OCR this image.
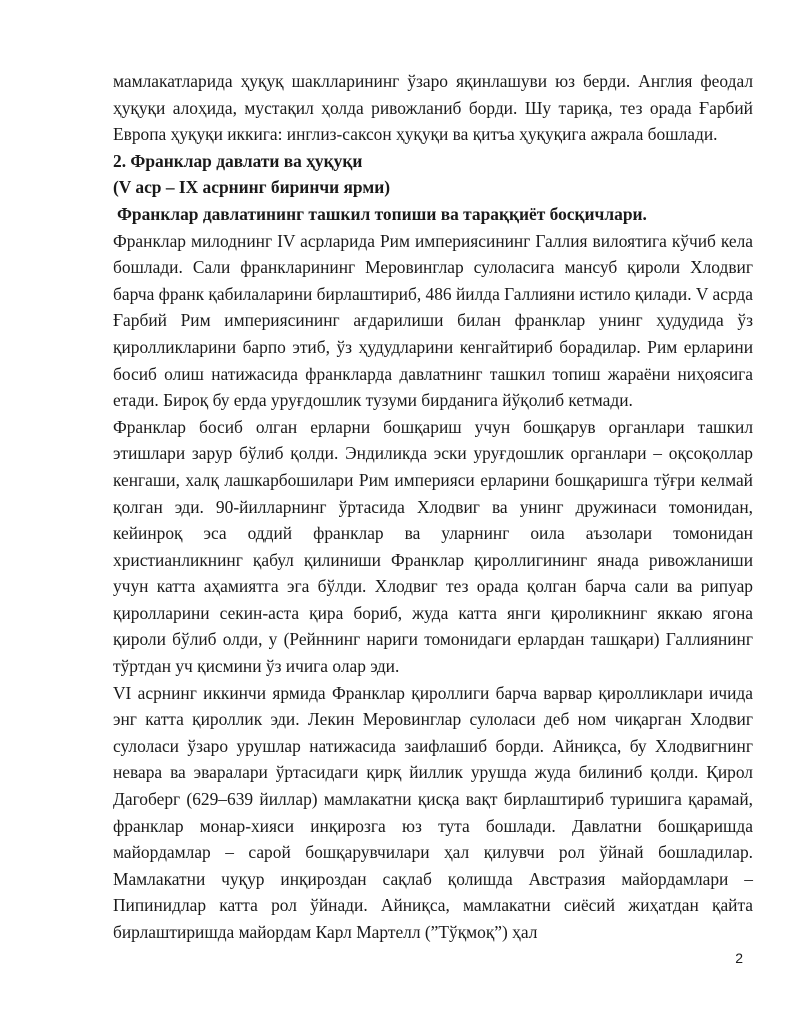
мамлакатларида ҳуқуқ шаклларининг ўзаро яқинлашуви юз берди. Англия феодал ҳуқуқи алоҳида, мустақил ҳолда ривожланиб борди. Шу тариқа, тез орада Ғарбий Европа ҳуқуқи иккига: инглиз-саксон ҳуқуқи ва қитъа ҳуқуқига ажрала бошлади.

2. Франклар давлати ва ҳуқуқи
(V аср – IX асрнинг биринчи ярми)
Франклар давлатининг ташкил топиши ва тараққиёт босқичлари.

Франклар милоднинг IV асрларида Рим империясининг Галлия вилоятига кўчиб кела бошлади. Сали франкларининг Меровинглар сулоласига мансуб қироли Хлодвиг барча франк қабилаларини бирлаштириб, 486 йилда Галлияни истило қилади. V асрда Ғарбий Рим империясининг ағдарилиши билан франклар унинг ҳудудида ўз қиролликларини барпо этиб, ўз ҳудудларини кенгайтириб борадилар. Рим ерларини босиб олиш натижасида франкларда давлатнинг ташкил топиш жараёни ниҳоясига етади. Бироқ бу ерда уруғдошлик тузуми бирданига йўқолиб кетмади.

Франклар босиб олган ерларни бошқариш учун бошқарув органлари ташкил этишлари зарур бўлиб қолди. Эндиликда эски уруғдошлик органлари – оқсоқоллар кенгаши, халқ лашкарбошилари Рим империяси ерларини бошқаришга тўғри келмай қолган эди. 90-йилларнинг ўртасида Хлодвиг ва унинг дружинаси томонидан, кейинроқ эса оддий франклар ва уларнинг оила аъзолари томонидан христианликнинг қабул қилиниши Франклар қироллигининг янада ривожланиши учун катта аҳамиятга эга бўлди. Хлодвиг тез орада қолган барча сали ва рипуар қиролларини секин-аста қира бориб, жуда катта янги қироликнинг яккаю ягона қироли бўлиб олди, у (Рейннинг нариги томонидаги ерлардан ташқари) Галлиянинг тўртдан уч қисмини ўз ичига олар эди.

VI асрнинг иккинчи ярмида Франклар қироллиги барча варвар қиролликлари ичида энг катта қироллик эди. Лекин Меровинглар сулоласи деб ном чиқарган Хлодвиг сулоласи ўзаро урушлар натижасида заифлашиб борди. Айниқса, бу Хлодвигнинг невара ва эваралари ўртасидаги қирқ йиллик урушда жуда билиниб қолди. Қирол Дагоберг (629–639 йиллар) мамлакатни қисқа вақт бирлаштириб туришига қарамай, франклар монар-хияси инқирозга юз тута бошлади. Давлатни бошқаришда майордамлар – сарой бошқарувчилари ҳал қилувчи рол ўйнай бошладилар. Мамлакатни чуқур инқироздан сақлаб қолишда Австразия майордамлари – Пипинидлар катта рол ўйнади. Айниқса, мамлакатни сиёсий жиҳатдан қайта бирлаштиришда майордам Карл Мартелл (”Тўқмоқ”) ҳал

2
